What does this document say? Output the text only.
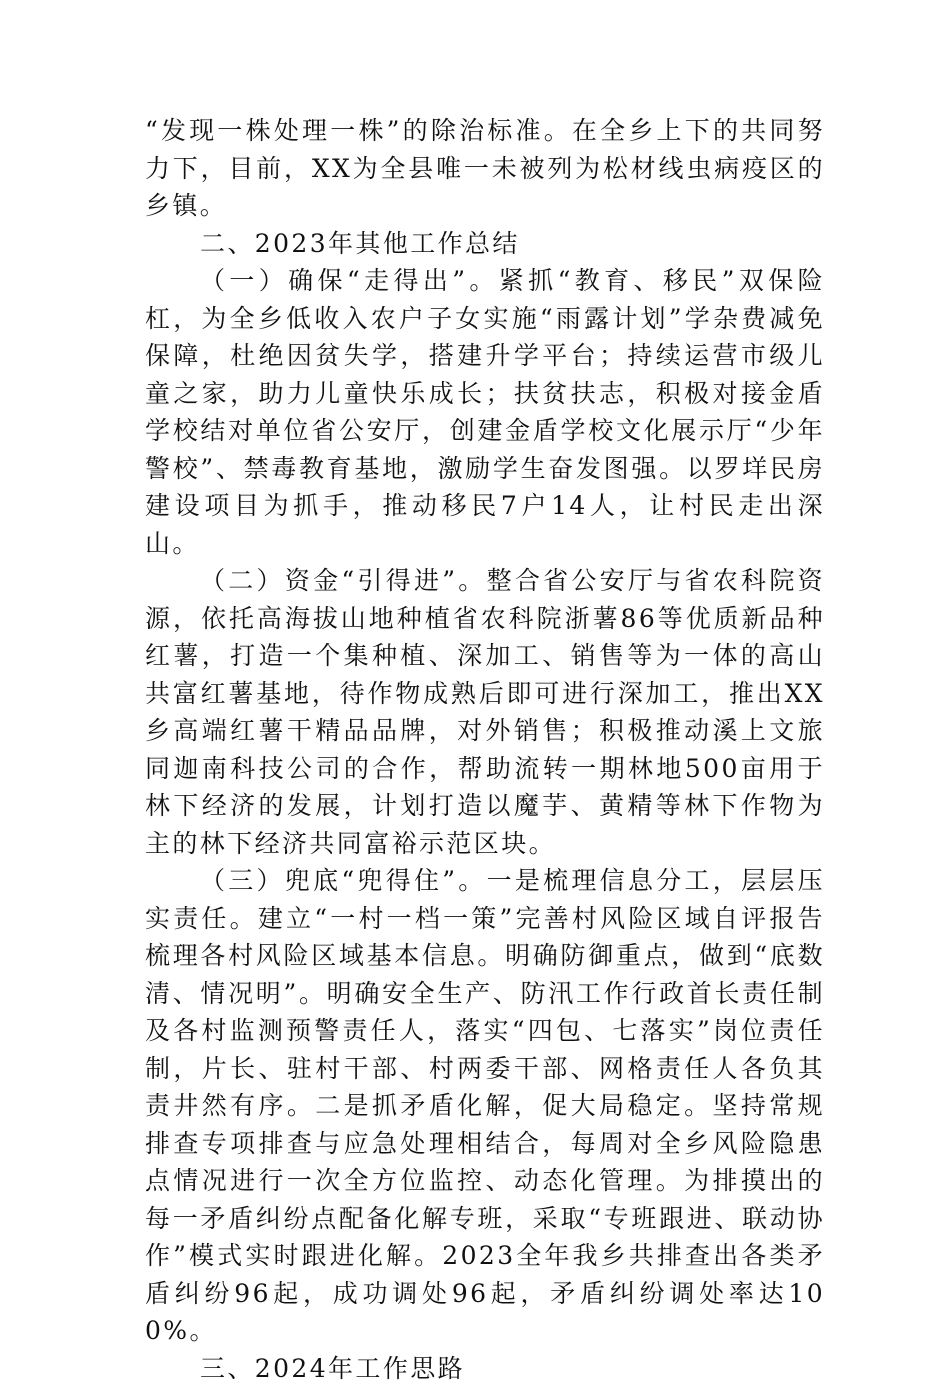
“发现一株处理一株”的除治标准。在全乡上下的共同努力下，目前，XX为全县唯一未被列为松材线虫病疫区的乡镇。

二、2023年其他工作总结

（一）确保“走得出”。紧抓“教育、移民”双保险杠，为全乡低收入农户子女实施“雨露计划”学杂费减免保障，杜绝因贫失学，搭建升学平台；持续运营市级儿童之家，助力儿童快乐成长；扶贫扶志，积极对接金盾学校结对单位省公安厅，创建金盾学校文化展示厅“少年警校”、禁毒教育基地，激励学生奋发图强。以罗垟民房建设项目为抓手，推动移民7户14人，让村民走出深山。

（二）资金“引得进”。整合省公安厅与省农科院资源，依托高海拔山地种植省农科院浙薯86等优质新品种红薯，打造一个集种植、深加工、销售等为一体的高山共富红薯基地，待作物成熟后即可进行深加工，推出XX乡高端红薯干精品品牌，对外销售；积极推动溪上文旅同迦南科技公司的合作，帮助流转一期林地500亩用于林下经济的发展，计划打造以魔芋、黄精等林下作物为主的林下经济共同富裕示范区块。

（三）兜底“兜得住”。一是梳理信息分工，层层压实责任。建立“一村一档一策”完善村风险区域自评报告梳理各村风险区域基本信息。明确防御重点，做到“底数清、情况明”。明确安全生产、防汛工作行政首长责任制及各村监测预警责任人，落实“四包、七落实”岗位责任制，片长、驻村干部、村两委干部、网格责任人各负其责井然有序。二是抓矛盾化解，促大局稳定。坚持常规排查专项排查与应急处理相结合，每周对全乡风险隐患点情况进行一次全方位监控、动态化管理。为排摸出的每一矛盾纠纷点配备化解专班，采取“专班跟进、联动协作”模式实时跟进化解。2023全年我乡共排查出各类矛盾纠纷96起，成功调处96起，矛盾纠纷调处率达100%。

三、2024年工作思路
